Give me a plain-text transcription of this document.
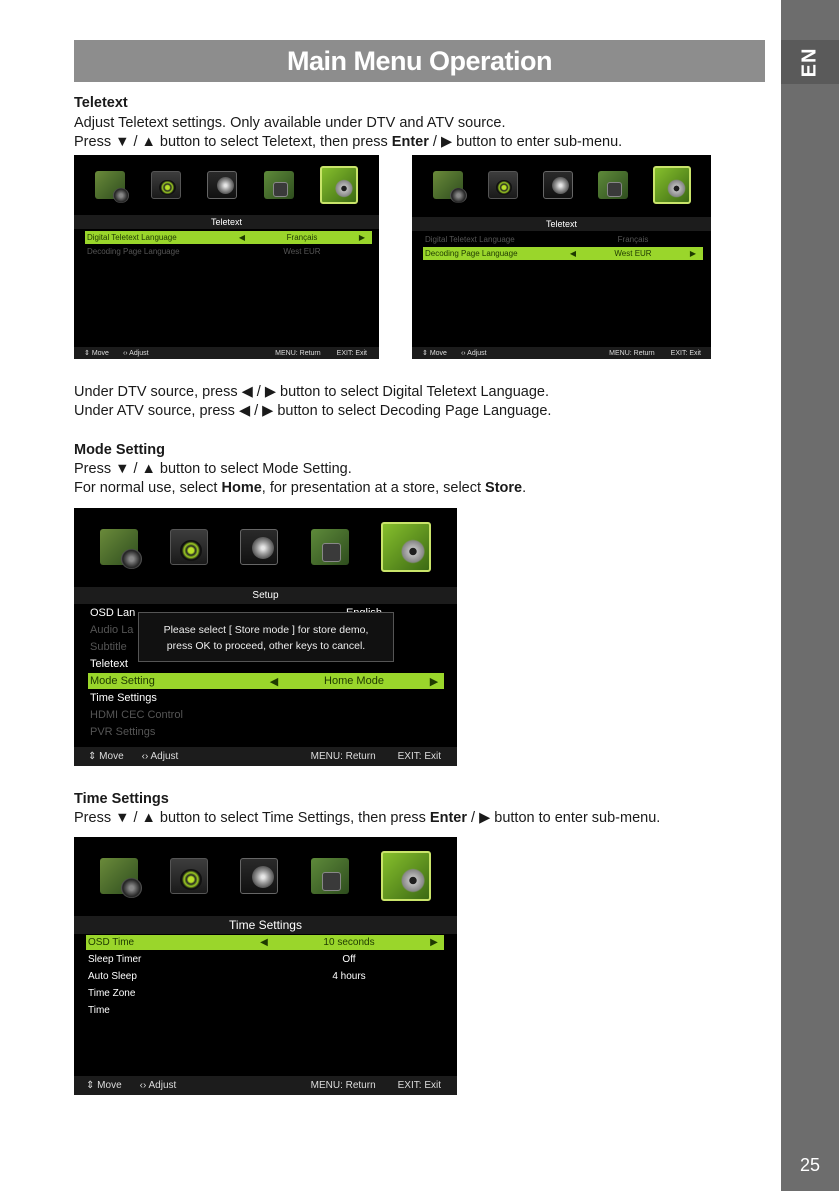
EN
25
Main Menu Operation
Teletext
Adjust Teletext settings. Only available under DTV and ATV source.
Press ▼ / ▲ button to select Teletext, then press Enter / ▶ button to enter sub-menu.
Teletext
Digital Teletext Language	◀	Français	▶
Decoding Page Language	West EUR
⇕ Move ‹› Adjust	MENU: Return EXIT: Exit
Teletext
Digital Teletext Language	Français
Decoding Page Language	◀	West EUR	▶
⇕ Move ‹› Adjust	MENU: Return EXIT: Exit
Under DTV source, press ◀ / ▶ button to select Digital Teletext Language.
Under ATV source, press ◀ / ▶ button to select Decoding Page Language.
Mode Setting
Press ▼ / ▲ button to select Mode Setting.
For normal use, select Home, for presentation at a store, select Store.
Setup
OSD Lan
Audio La
Subtitle
Teletext
Mode Setting	◀	Home Mode	▶
Time Settings
HDMI CEC Control
PVR Settings
Please select [ Store mode ] for store demo,
press OK to proceed, other keys to cancel.
⇕ Move ‹› Adjust	MENU: Return EXIT: Exit
Time Settings
Press ▼ / ▲ button to select Time Settings, then press Enter / ▶ button to enter sub-menu.
Time Settings
OSD Time	◀	10 seconds	▶
Sleep Timer	Off
Auto Sleep	4 hours
Time Zone
Time
⇕ Move ‹› Adjust	MENU: Return EXIT: Exit
